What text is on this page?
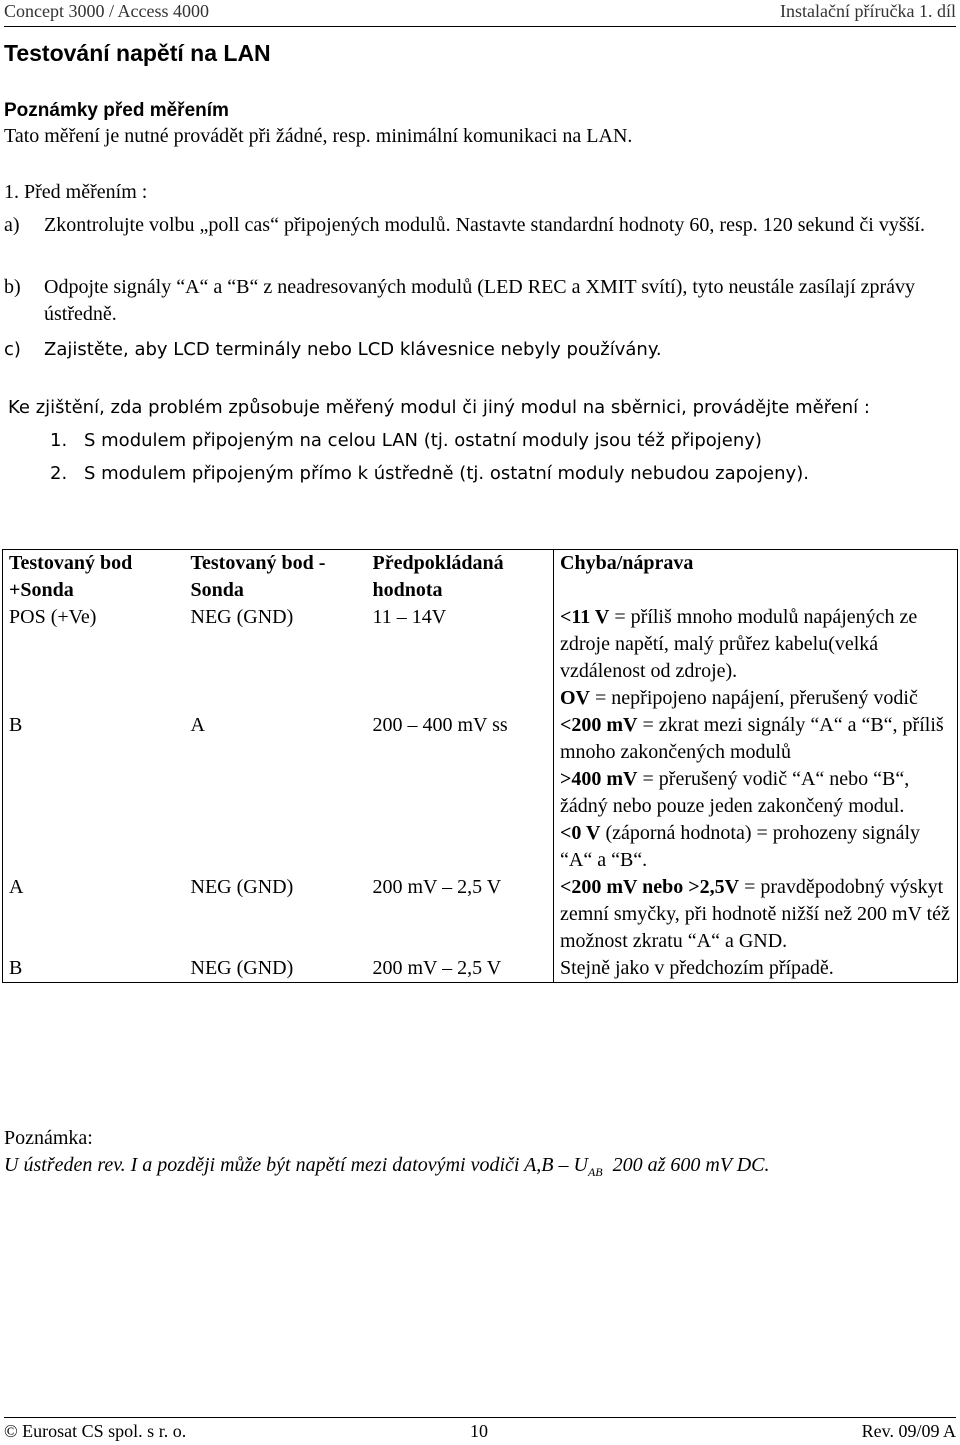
Concept 3000 / Access 4000	Instalační příručka 1. díl
Testování napětí na LAN
Poznámky před měřením
Tato měření je nutné provádět při žádné, resp. minimální komunikaci na LAN.
1. Před měřením :
a) Zkontrolujte volbu „poll cas“ připojených modulů. Nastavte standardní hodnoty 60, resp. 120 sekund či vyšší.
b) Odpojte signály “A“ a “B“ z neadresovaných modulů (LED REC a XMIT svítí), tyto neustále zasílají zprávy ústředně.
c) Zajistěte, aby LCD terminály nebo LCD klávesnice nebyly používány.
Ke zjištění, zda problém způsobuje měřený modul či jiný modul na sběrnici, provádějte měření :
1. S modulem připojeným na celou LAN (tj. ostatní moduly jsou též připojeny)
2. S modulem připojeným přímo k ústředně (tj. ostatní moduly nebudou zapojeny).
Testovaný bod +Sonda	Testovaný bod -Sonda	Předpokládaná hodnota	Chyba/náprava
POS (+Ve)	NEG (GND)	11 – 14V	<11 V = příliš mnoho modulů napájených ze zdroje napětí, malý průřez kabelu(velká vzdálenost od zdroje).
OV = nepřipojeno napájení, přerušený vodič

B	A	200 – 400 mV ss	<200 mV = zkrat mezi signály “A“ a “B“, příliš mnoho zakončených modulů
>400 mV = přerušený vodič “A“ nebo “B“, žádný nebo pouze jeden zakončený modul.
<0 V (záporná hodnota) = prohozeny signály “A“ a “B“.

A	NEG (GND)	200 mV – 2,5 V	<200 mV nebo >2,5V = pravděpodobný výskyt zemní smyčky, při hodnotě nižší než 200 mV též možnost zkratu “A“ a GND.

B	NEG (GND)	200 mV – 2,5 V	Stejně jako v předchozím případě.
Poznámka:
U ústředen rev. I a později může být napětí mezi datovými vodiči $A,B - U_{AB}$  200 až 600 mV DC.
© Eurosat CS spol. s r. o.	10	Rev. 09/09 A
